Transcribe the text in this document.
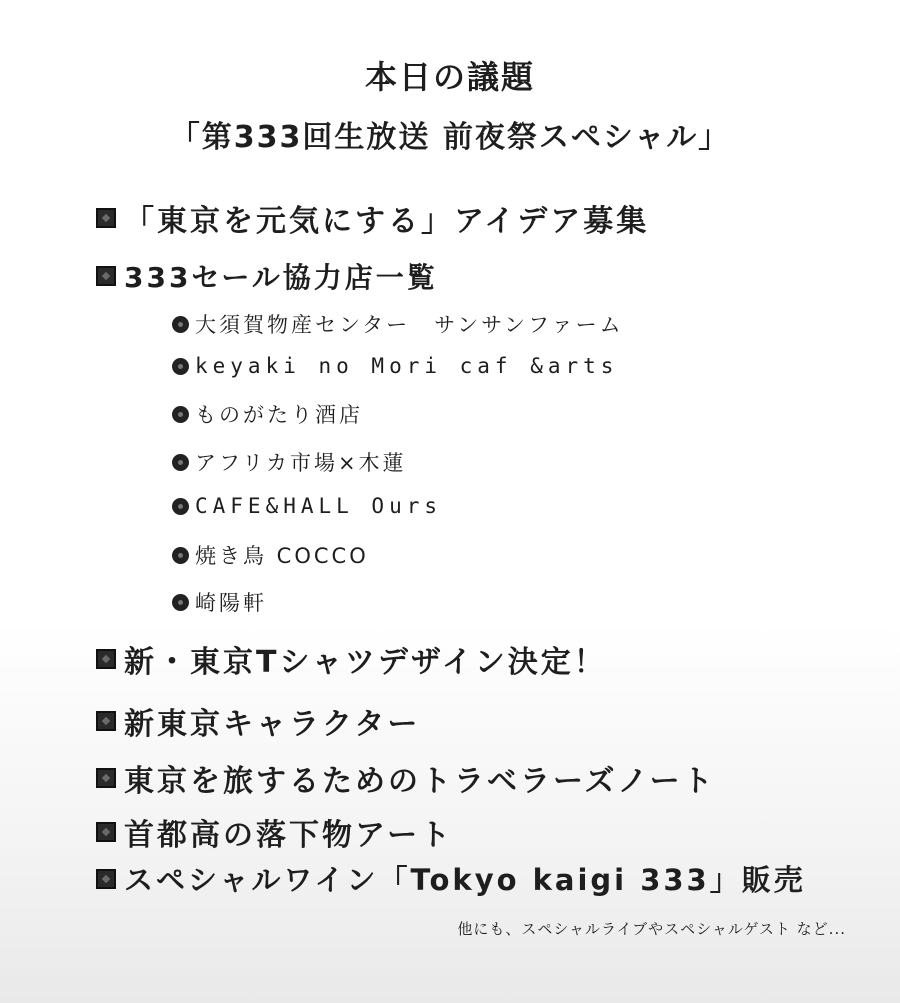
本日の議題
「第333回生放送 前夜祭スペシャル」
「東京を元気にする」アイデア募集
333セール協力店一覧
大須賀物産センター　サンサンファーム
keyaki no Mori caf &arts
ものがたり酒店
アフリカ市場×木蓮
CAFE&HALL Ours
焼き鳥 COCCO
崎陽軒
新・東京Tシャツデザイン決定！
新東京キャラクター
東京を旅するためのトラベラーズノート
首都高の落下物アート
スペシャルワイン「Tokyo kaigi 333」販売
他にも、スペシャルライブやスペシャルゲスト など...
